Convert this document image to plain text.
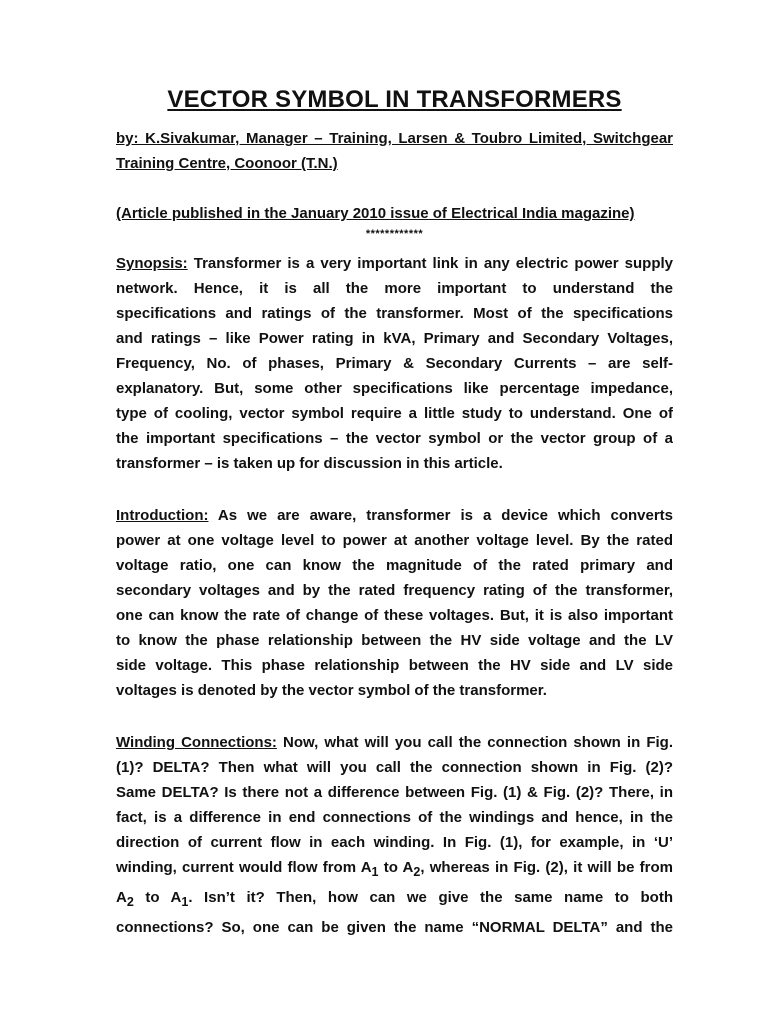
VECTOR SYMBOL IN TRANSFORMERS
by: K.Sivakumar, Manager – Training, Larsen & Toubro Limited, Switchgear
Training Centre, Coonoor (T.N.)
(Article published in the January 2010 issue of Electrical India magazine)
************
Synopsis: Transformer is a very important link in any electric power supply
network. Hence, it is all the more important to understand the
specifications and ratings of the transformer. Most of the specifications
and ratings – like Power rating in kVA, Primary and Secondary Voltages,
Frequency, No. of phases, Primary & Secondary Currents – are self-
explanatory. But, some other specifications like percentage impedance,
type of cooling, vector symbol require a little study to understand. One of
the important specifications – the vector symbol or the vector group of a
transformer – is taken up for discussion in this article.
Introduction: As we are aware, transformer is a device which converts
power at one voltage level to power at another voltage level. By the rated
voltage ratio, one can know the magnitude of the rated primary and
secondary voltages and by the rated frequency rating of the transformer,
one can know the rate of change of these voltages. But, it is also important
to know the phase relationship between the HV side voltage and the LV
side voltage. This phase relationship between the HV side and LV side
voltages is denoted by the vector symbol of the transformer.
Winding Connections: Now, what will you call the connection shown in Fig.
(1)? DELTA? Then what will you call the connection shown in Fig. (2)?
Same DELTA? Is there not a difference between Fig. (1) & Fig. (2)? There, in
fact, is a difference in end connections of the windings and hence, in the
direction of current flow in each winding. In Fig. (1), for example, in ‘U’
winding, current would flow from $A_1$ to $A_2$, whereas in Fig. (2), it will be from
$A_2$ to $A_1$. Isn’t it? Then, how can we give the same name to both
connections? So, one can be given the name “NORMAL DELTA” and the
